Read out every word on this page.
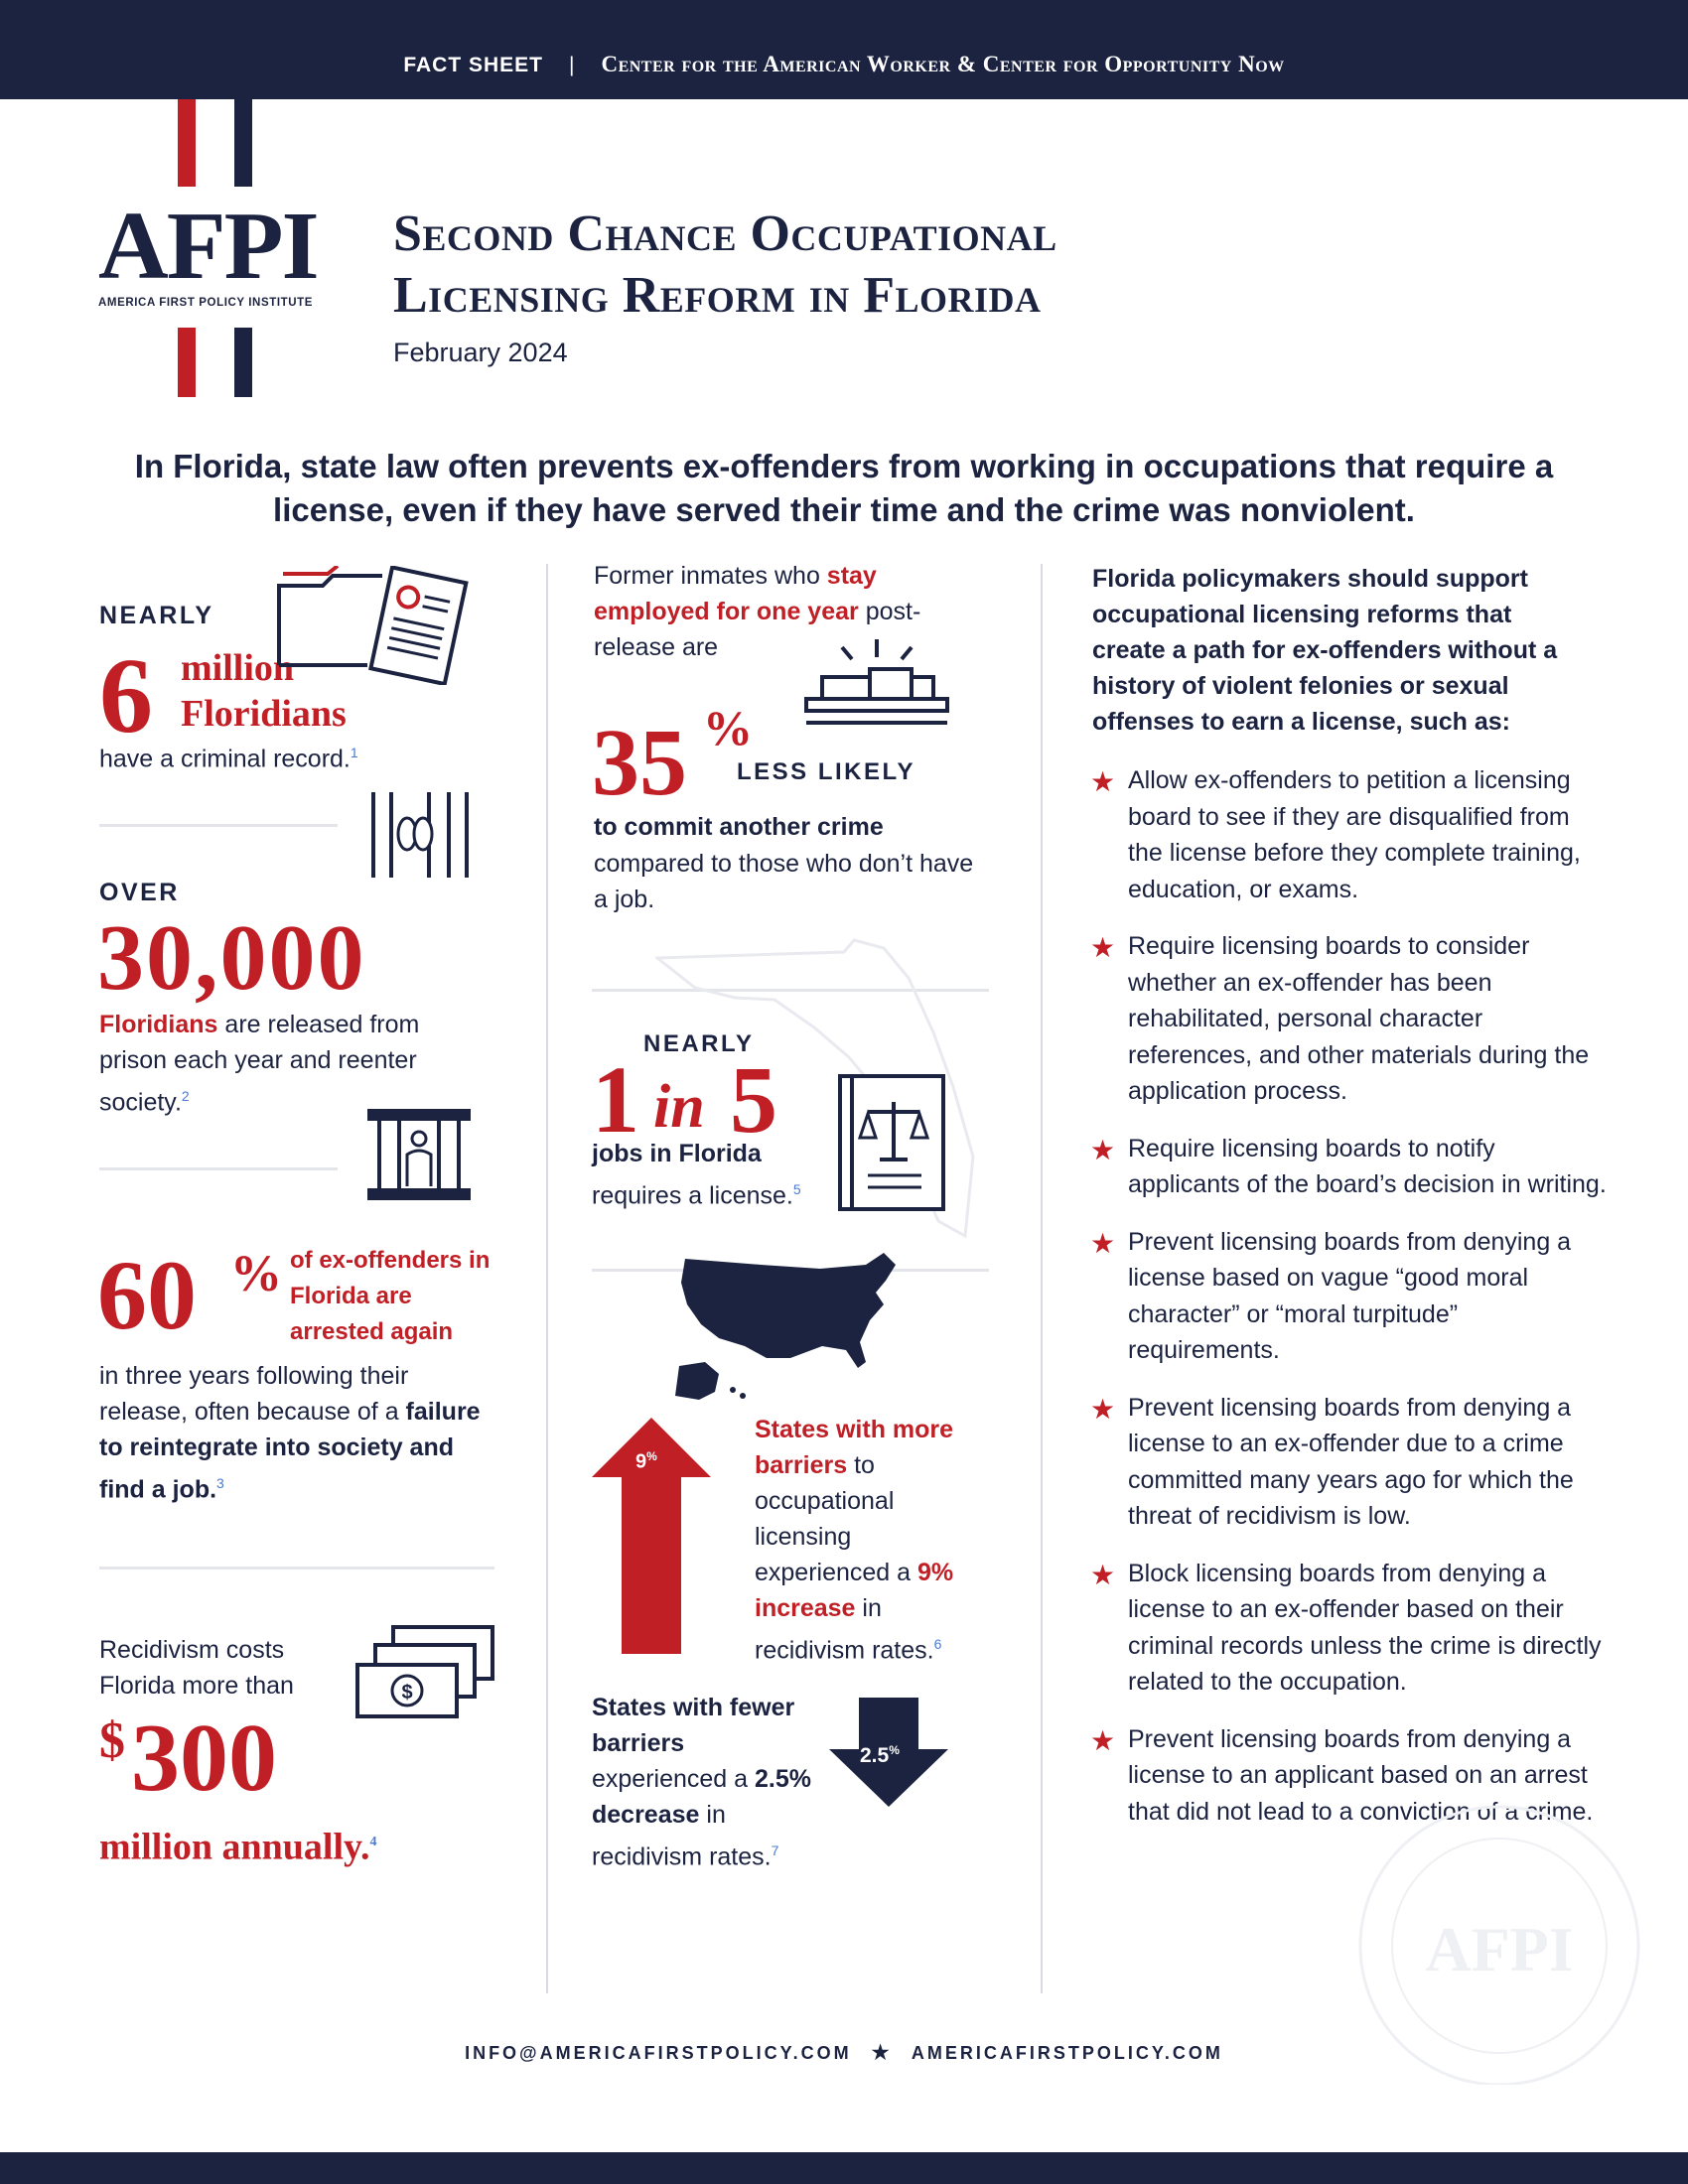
FACT SHEET | Center for the American Worker & Center for Opportunity Now
AFPI
AMERICA FIRST POLICY INSTITUTE
Second Chance Occupational
Licensing Reform in Florida
February 2024
In Florida, state law often prevents ex-offenders from working in occupations that require a license, even if they have served their time and the crime was nonviolent.
NEARLY
6 million
Floridians
have a criminal record.$^1$
OVER
30,000
Floridians are released from prison each year and reenter society.$^2$
60 % of ex-offenders in Florida are arrested again
in three years following their release, often because of a failure to reintegrate into society and find a job.$^3$
Recidivism costs Florida more than
$ 300
million annually.$^4$
$
Former inmates who stay employed for one year post-release are
35 %
LESS LIKELY
to commit another crime
compared to those who don’t have a job.
NEARLY
1 in 5
jobs in Florida
requires a license.$^5$
9%
States with more barriers to occupational licensing experienced a 9% increase in recidivism rates.$^6$
States with fewer barriers experienced a 2.5% decrease in recidivism rates.$^7$
2.5%
Florida policymakers should support occupational licensing reforms that create a path for ex-offenders without a history of violent felonies or sexual offenses to earn a license, such as:
★ Allow ex-offenders to petition a licensing board to see if they are disqualified from the license before they complete training, education, or exams.
★ Require licensing boards to consider whether an ex-offender has been rehabilitated, personal character references, and other materials during the application process.
★ Require licensing boards to notify applicants of the board’s decision in writing.
★ Prevent licensing boards from denying a license based on vague “good moral character” or “moral turpitude” requirements.
★ Prevent licensing boards from denying a license to an ex-offender due to a crime committed many years ago for which the threat of recidivism is low.
★ Block licensing boards from denying a license to an ex-offender based on their criminal records unless the crime is directly related to the occupation.
★ Prevent licensing boards from denying a license to an applicant based on an arrest that did not lead to a conviction of a crime.
AFPI
INFO@AMERICAFIRSTPOLICY.COM ★ AMERICAFIRSTPOLICY.COM
